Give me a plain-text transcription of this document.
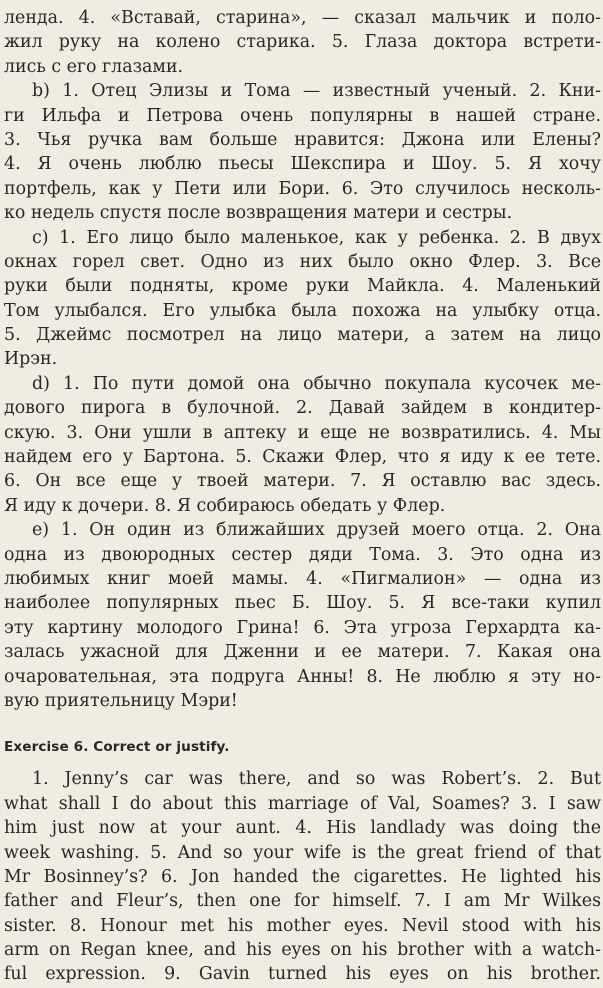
ленда. 4. «Вставай, старина», — сказал мальчик и поло-
жил руку на колено старика. 5. Глаза доктора встрети-
лись с его глазами.
b) 1. Отец Элизы и Тома — известный ученый. 2. Кни-
ги Ильфа и Петрова очень популярны в нашей стране.
3. Чья ручка вам больше нравится: Джона или Елены?
4. Я очень люблю пьесы Шекспира и Шоу. 5. Я хочу
портфель, как у Пети или Бори. 6. Это случилось несколь-
ко недель спустя после возвращения матери и сестры.
c) 1. Его лицо было маленькое, как у ребенка. 2. В двух
окнах горел свет. Одно из них было окно Флер. 3. Все
руки были подняты, кроме руки Майкла. 4. Маленький
Том улыбался. Его улыбка была похожа на улыбку отца.
5. Джеймс посмотрел на лицо матери, а затем на лицо
Ирэн.
d) 1. По пути домой она обычно покупала кусочек ме-
дового пирога в булочной. 2. Давай зайдем в кондитер-
скую. 3. Они ушли в аптеку и еще не возвратились. 4. Мы
найдем его у Бартона. 5. Скажи Флер, что я иду к ее тете.
6. Он все еще у твоей матери. 7. Я оставлю вас здесь.
Я иду к дочери. 8. Я собираюсь обедать у Флер.
e) 1. Он один из ближайших друзей моего отца. 2. Она
одна из двоюродных сестер дяди Тома. 3. Это одна из
любимых книг моей мамы. 4. «Пигмалион» — одна из
наиболее популярных пьес Б. Шоу. 5. Я все-таки купил
эту картину молодого Грина! 6. Эта угроза Герхардта ка-
залась ужасной для Дженни и ее матери. 7. Какая она
очаровательная, эта подруга Анны! 8. Не люблю я эту но-
вую приятельницу Мэри!
Exercise 6. Correct or justify.
1. Jenny’s car was there, and so was Robert’s. 2. But
what shall I do about this marriage of Val, Soames? 3. I saw
him just now at your aunt. 4. His landlady was doing the
week washing. 5. And so your wife is the great friend of that
Mr Bosinney’s? 6. Jon handed the cigarettes. He lighted his
father and Fleur’s, then one for himself. 7. I am Mr Wilkes
sister. 8. Honour met his mother eyes. Nevil stood with his
arm on Regan knee, and his eyes on his brother with a watch-
ful expression. 9. Gavin turned his eyes on his brother.
